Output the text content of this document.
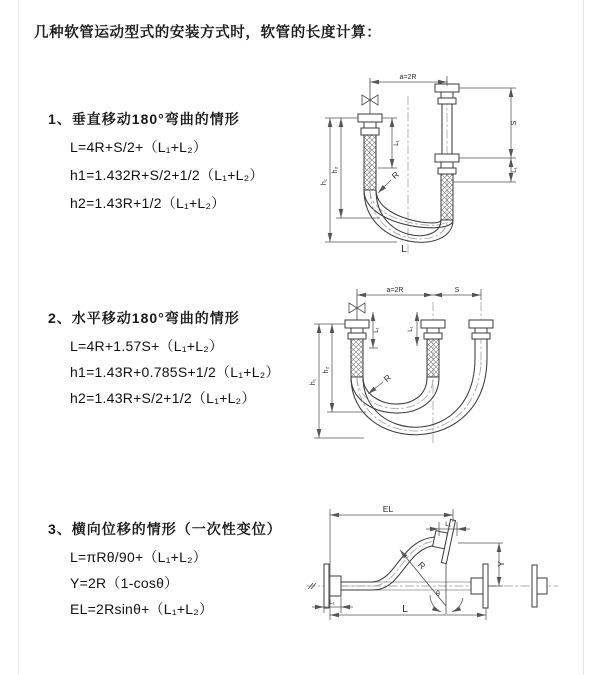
几种软管运动型式的安装方式时，软管的长度计算：
1、垂直移动180°弯曲的情形
L=4R+S/2+（L₁+L₂）
h1=1.432R+S/2+1/2（L₁+L₂）
h2=1.43R+1/2（L₁+L₂）
2、水平移动180°弯曲的情形
L=4R+1.57S+（L₁+L₂）
h1=1.43R+0.785S+1/2（L₁+L₂）
h2=1.43R+S/2+1/2（L₁+L₂）
3、横向位移的情形（一次性变位）
L=πRθ/90+（L₁+L₂）
Y=2R（1-cosθ）
EL=2Rsinθ+（L₁+L₂）
a=2R
S
L₁
h₁
h₂
L₁
R
L
a=2R	S
h₁
h₂
L₁	L₁
R
EL
L₁
Y
R
θ
L
L₁
